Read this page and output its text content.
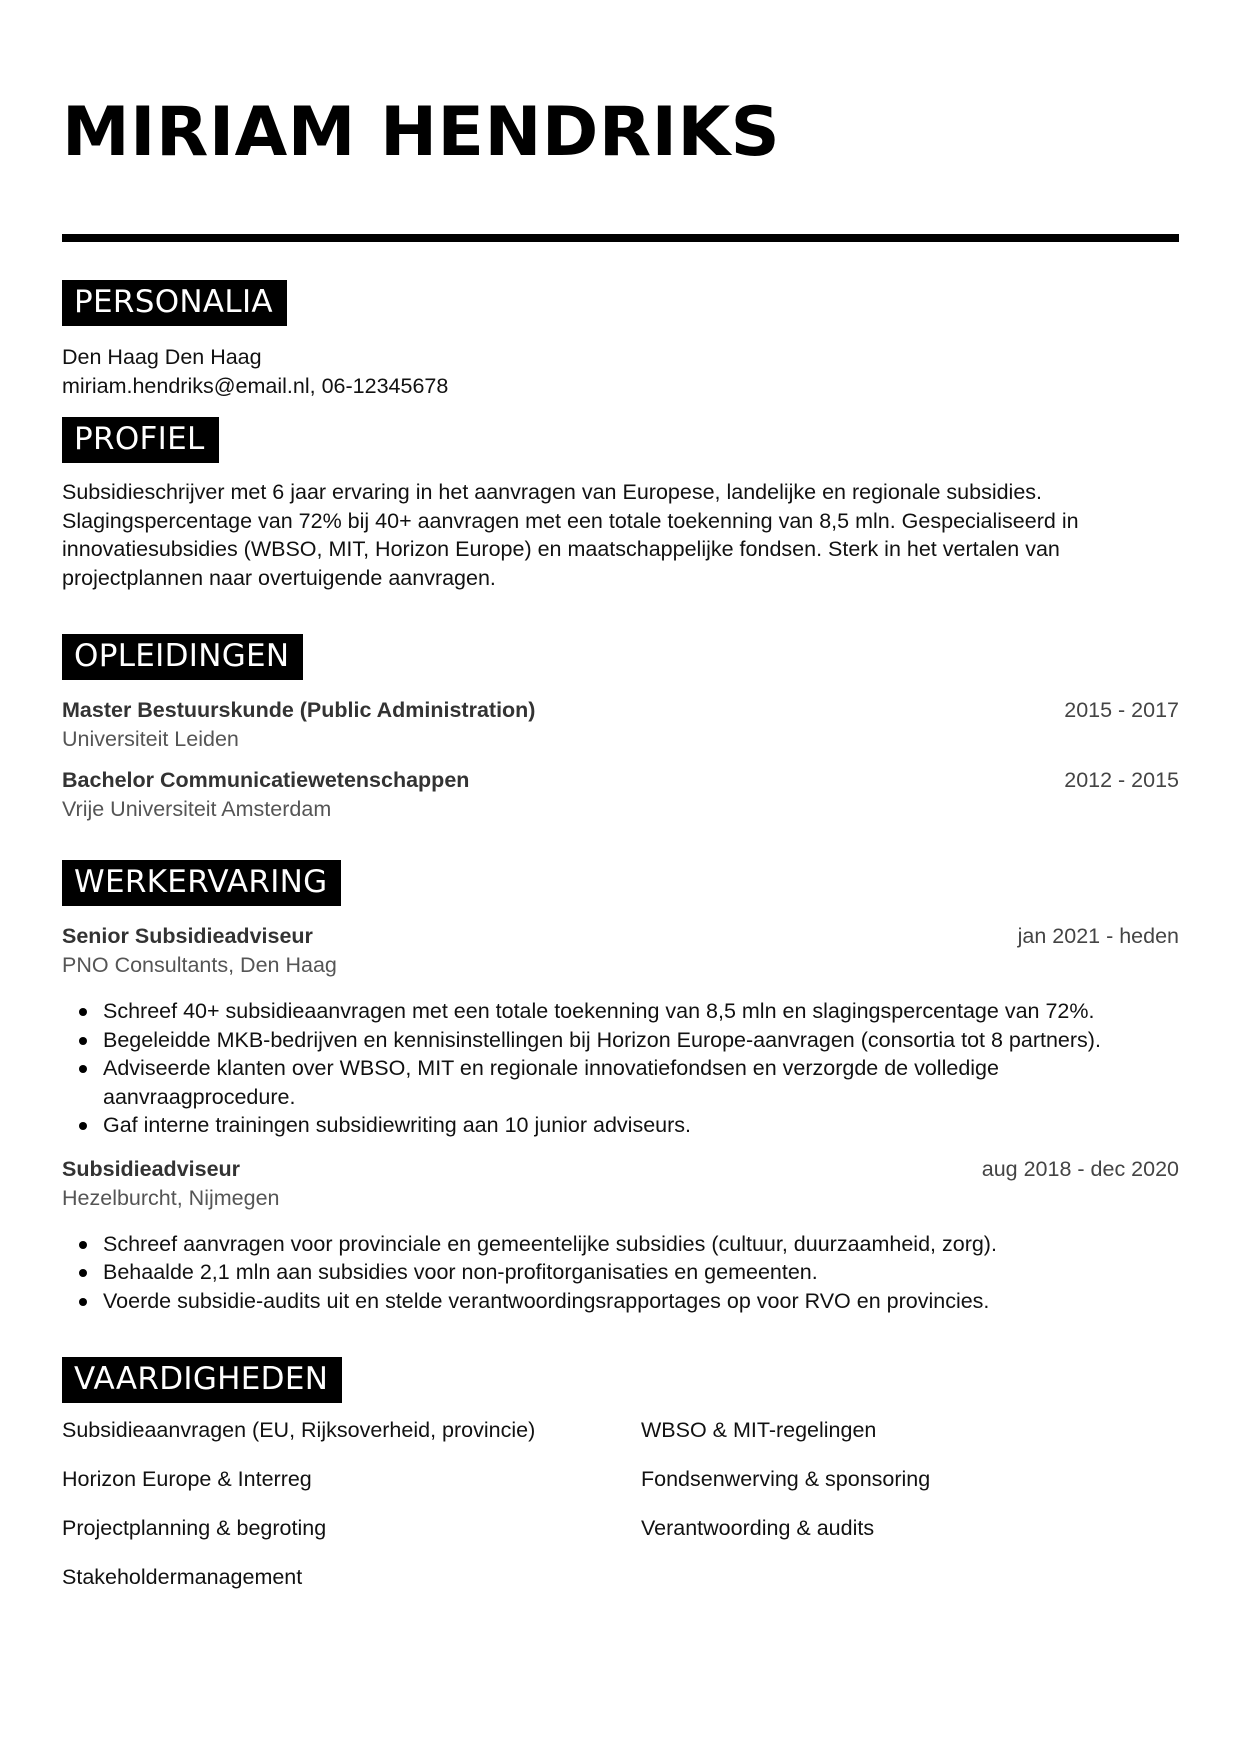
MIRIAM HENDRIKS
PERSONALIA
Den Haag Den Haag
miriam.hendriks@email.nl, 06-12345678
PROFIEL
Subsidieschrijver met 6 jaar ervaring in het aanvragen van Europese, landelijke en regionale subsidies.
Slagingspercentage van 72% bij 40+ aanvragen met een totale toekenning van 8,5 mln. Gespecialiseerd in
innovatiesubsidies (WBSO, MIT, Horizon Europe) en maatschappelijke fondsen. Sterk in het vertalen van
projectplannen naar overtuigende aanvragen.
OPLEIDINGEN
Master Bestuurskunde (Public Administration)	2015 - 2017
Universiteit Leiden
Bachelor Communicatiewetenschappen	2012 - 2015
Vrije Universiteit Amsterdam
WERKERVARING
Senior Subsidieadviseur	jan 2021 - heden
PNO Consultants, Den Haag
Schreef 40+ subsidieaanvragen met een totale toekenning van 8,5 mln en slagingspercentage van 72%.
Begeleidde MKB-bedrijven en kennisinstellingen bij Horizon Europe-aanvragen (consortia tot 8 partners).
Adviseerde klanten over WBSO, MIT en regionale innovatiefondsen en verzorgde de volledige aanvraagprocedure.
Gaf interne trainingen subsidiewriting aan 10 junior adviseurs.
Subsidieadviseur	aug 2018 - dec 2020
Hezelburcht, Nijmegen
Schreef aanvragen voor provinciale en gemeentelijke subsidies (cultuur, duurzaamheid, zorg).
Behaalde 2,1 mln aan subsidies voor non-profitorganisaties en gemeenten.
Voerde subsidie-audits uit en stelde verantwoordingsrapportages op voor RVO en provincies.
VAARDIGHEDEN
Subsidieaanvragen (EU, Rijksoverheid, provincie)	WBSO & MIT-regelingen
Horizon Europe & Interreg	Fondsenwerving & sponsoring
Projectplanning & begroting	Verantwoording & audits
Stakeholdermanagement
